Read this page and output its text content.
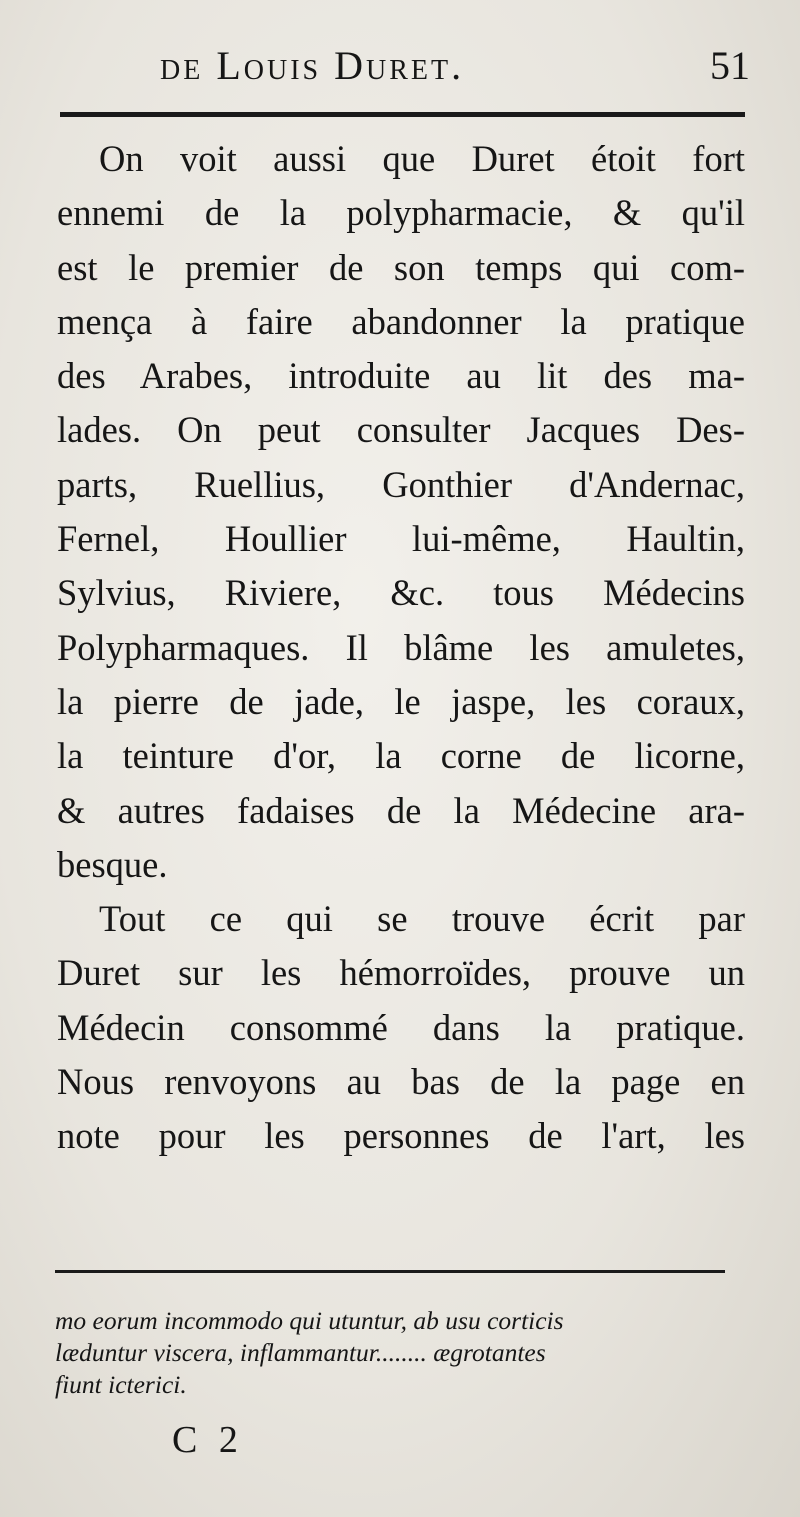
de Louis Duret.	51
On voit aussi que Duret étoit fort
ennemi de la polypharmacie, & qu'il
est le premier de son temps qui com-
mença à faire abandonner la pratique
des Arabes, introduite au lit des ma-
lades. On peut consulter Jacques Des-
parts, Ruellius, Gonthier d'Andernac,
Fernel, Houllier lui-même, Haultin,
Sylvius, Riviere, &c. tous Médecins
Polypharmaques. Il blâme les amuletes,
la pierre de jade, le jaspe, les coraux,
la teinture d'or, la corne de licorne,
& autres fadaises de la Médecine ara-
besque.
Tout ce qui se trouve écrit par
Duret sur les hémorroïdes, prouve un
Médecin consommé dans la pratique.
Nous renvoyons au bas de la page en
note pour les personnes de l'art, les
mo eorum incommodo qui utuntur, ab usu corticis
læduntur viscera, inflammantur........ ægrotantes
fiunt icterici.
C 2
